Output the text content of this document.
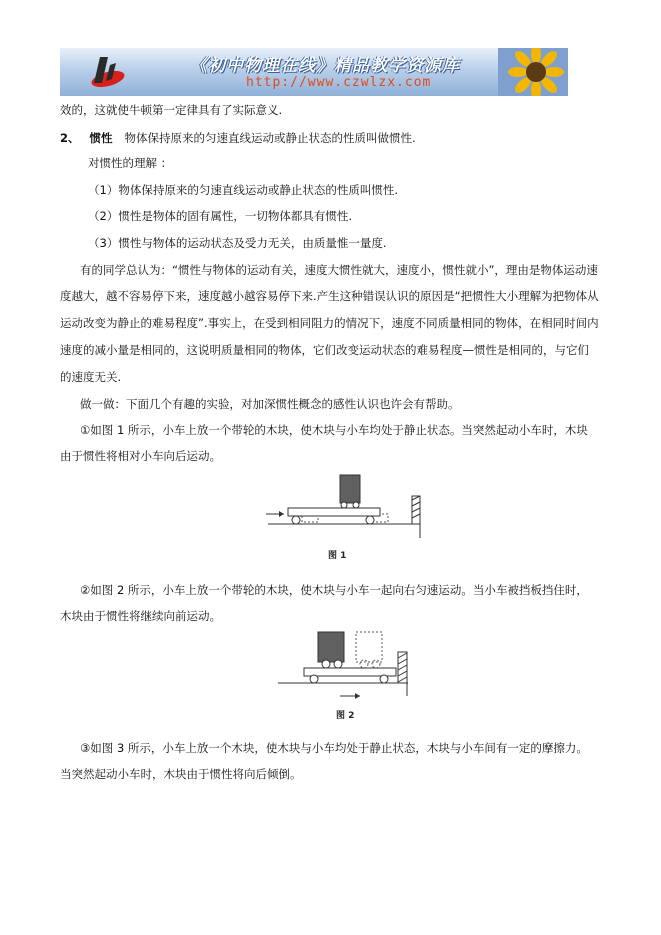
《初中物理在线》精品教学资源库
http://www.czwlzx.com
效的，这就使牛顿第一定律具有了实际意义.
2、 惯性 物体保持原来的匀速直线运动或静止状态的性质叫做惯性.
对惯性的理解 ：
（1）物体保持原来的匀速直线运动或静止状态的性质叫惯性.
（2）惯性是物体的固有属性，一切物体都具有惯性.
（3）惯性与物体的运动状态及受力无关，由质量惟一量度.
有的同学总认为：“惯性与物体的运动有关，速度大惯性就大，速度小，惯性就小”，理由是物体运动速
度越大，越不容易停下来，速度越小越容易停下来.产生这种错误认识的原因是“把惯性大小理解为把物体从
运动改变为静止的难易程度”.事实上，在受到相同阻力的情况下，速度不同质量相同的物体，在相同时间内
速度的减小量是相同的，这说明质量相同的物体，它们改变运动状态的难易程度—惯性是相同的，与它们
的速度无关.
做一做：下面几个有趣的实验，对加深惯性概念的感性认识也许会有帮助。
①如图 1 所示，小车上放一个带轮的木块，使木块与小车均处于静止状态。当突然起动小车时，木块
由于惯性将相对小车向后运动。
图 1
②如图 2 所示，小车上放一个带轮的木块，使木块与小车一起向右匀速运动。当小车被挡板挡住时，
木块由于惯性将继续向前运动。
图 2
③如图 3 所示，小车上放一个木块，使木块与小车均处于静止状态，木块与小车间有一定的摩擦力。
当突然起动小车时，木块由于惯性将向后倾倒。
